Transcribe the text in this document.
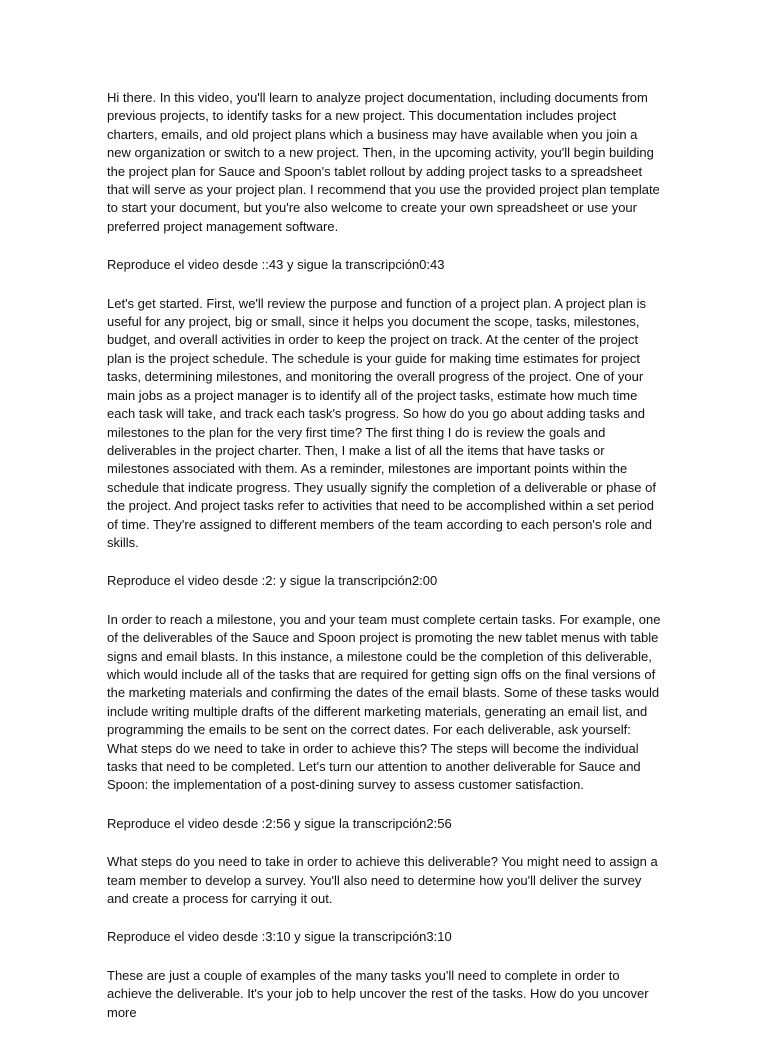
Hi there. In this video, you'll learn to analyze project documentation, including documents from previous projects, to identify tasks for a new project. This documentation includes project charters, emails, and old project plans which a business may have available when you join a new organization or switch to a new project. Then, in the upcoming activity, you'll begin building the project plan for Sauce and Spoon's tablet rollout by adding project tasks to a spreadsheet that will serve as your project plan. I recommend that you use the provided project plan template to start your document, but you're also welcome to create your own spreadsheet or use your preferred project management software.

Reproduce el video desde ::43 y sigue la transcripción0:43

Let's get started. First, we'll review the purpose and function of a project plan. A project plan is useful for any project, big or small, since it helps you document the scope, tasks, milestones, budget, and overall activities in order to keep the project on track. At the center of the project plan is the project schedule. The schedule is your guide for making time estimates for project tasks, determining milestones, and monitoring the overall progress of the project. One of your main jobs as a project manager is to identify all of the project tasks, estimate how much time each task will take, and track each task's progress. So how do you go about adding tasks and milestones to the plan for the very first time? The first thing I do is review the goals and deliverables in the project charter. Then, I make a list of all the items that have tasks or milestones associated with them. As a reminder, milestones are important points within the schedule that indicate progress. They usually signify the completion of a deliverable or phase of the project. And project tasks refer to activities that need to be accomplished within a set period of time. They're assigned to different members of the team according to each person's role and skills.

Reproduce el video desde :2: y sigue la transcripción2:00

In order to reach a milestone, you and your team must complete certain tasks. For example, one of the deliverables of the Sauce and Spoon project is promoting the new tablet menus with table signs and email blasts. In this instance, a milestone could be the completion of this deliverable, which would include all of the tasks that are required for getting sign offs on the final versions of the marketing materials and confirming the dates of the email blasts. Some of these tasks would include writing multiple drafts of the different marketing materials, generating an email list, and programming the emails to be sent on the correct dates. For each deliverable, ask yourself: What steps do we need to take in order to achieve this? The steps will become the individual tasks that need to be completed. Let's turn our attention to another deliverable for Sauce and Spoon: the implementation of a post-dining survey to assess customer satisfaction.

Reproduce el video desde :2:56 y sigue la transcripción2:56

What steps do you need to take in order to achieve this deliverable? You might need to assign a team member to develop a survey. You'll also need to determine how you'll deliver the survey and create a process for carrying it out.

Reproduce el video desde :3:10 y sigue la transcripción3:10

These are just a couple of examples of the many tasks you'll need to complete in order to achieve the deliverable. It's your job to help uncover the rest of the tasks. How do you uncover more
